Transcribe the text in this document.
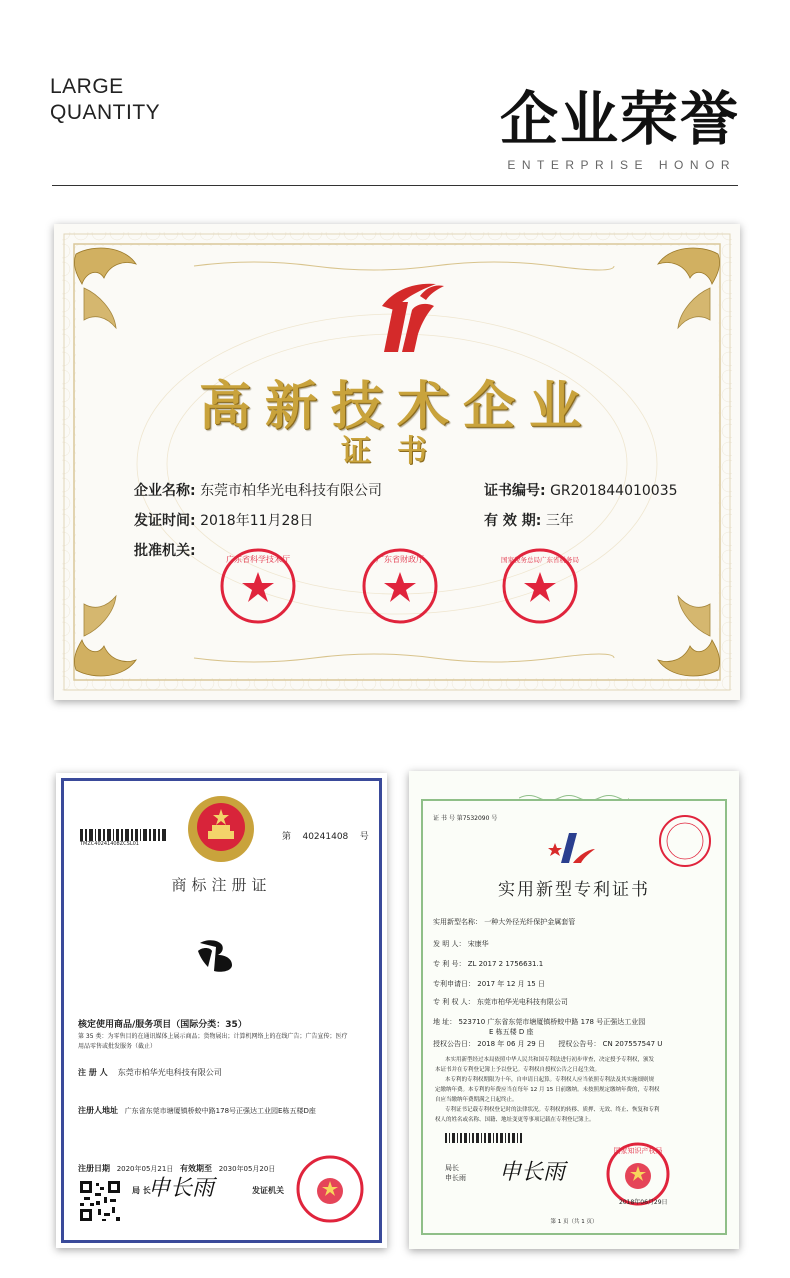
LARGE
QUANTITY	企业荣誉
ENTERPRISE HONOR
高新技术企业
证书
企业名称: 东莞市柏华光电科技有限公司	证书编号: GR201844010035
发证时间: 2018年11月28日	有 效 期: 三年
批准机关:
广东省科学技术厅	广东省财政厅	国家税务总局广东省税务局
TMZC40241408ZCSL01
第 40241408 号
商标注册证
核定使用商品/服务项目（国际分类：35）
第 35 类：为零售目的在通讯媒体上展示商品；货物展出；计算机网络上的在线广告；广告宣传；医疗
用品零售或批发服务（截止）
注 册 人 东莞市柏华光电科技有限公司
注册人地址 广东省东莞市塘厦镇桥蛟中路178号正强达工业园E栋五楼D座
注册日期 2020年05月21日 有效期至 2030年05月20日
局 长
申长雨	发证机关
证 书 号 第7532090 号
实用新型专利证书
实用新型名称： 一种大外径光纤保护金属套管
发 明 人： 宋康华
专 利 号： ZL 2017 2 1756631.1
专利申请日： 2017 年 12 月 15 日
专 利 权 人： 东莞市柏华光电科技有限公司
地 址： 523710 广东省东莞市塘厦镇桥蛟中路 178 号正强达工业园
E 栋五楼 D 座
授权公告日： 2018 年 06 月 29 日 授权公告号： CN 207557547 U
本实用新型经过本局依照中华人民共和国专利法进行初步审查，决定授予专利权，颁发
本证书并在专利登记簿上予以登记。专利权自授权公告之日起生效。
本专利的专利权期限为十年，自申请日起算。专利权人应当依照专利法及其实施细则规
定缴纳年费。本专利的年费应当在每年 12 月 15 日前缴纳。未按照规定缴纳年费的，专利权
自应当缴纳年费期满之日起终止。
专利证书记载专利权登记时的法律状况。专利权的转移、质押、无效、终止、恢复和专利
权人的姓名或名称、国籍、地址变更等事项记载在专利登记簿上。
局长
申长雨 申长雨
国家知识产权局
2018年06月29日
第 1 页（共 1 页）
